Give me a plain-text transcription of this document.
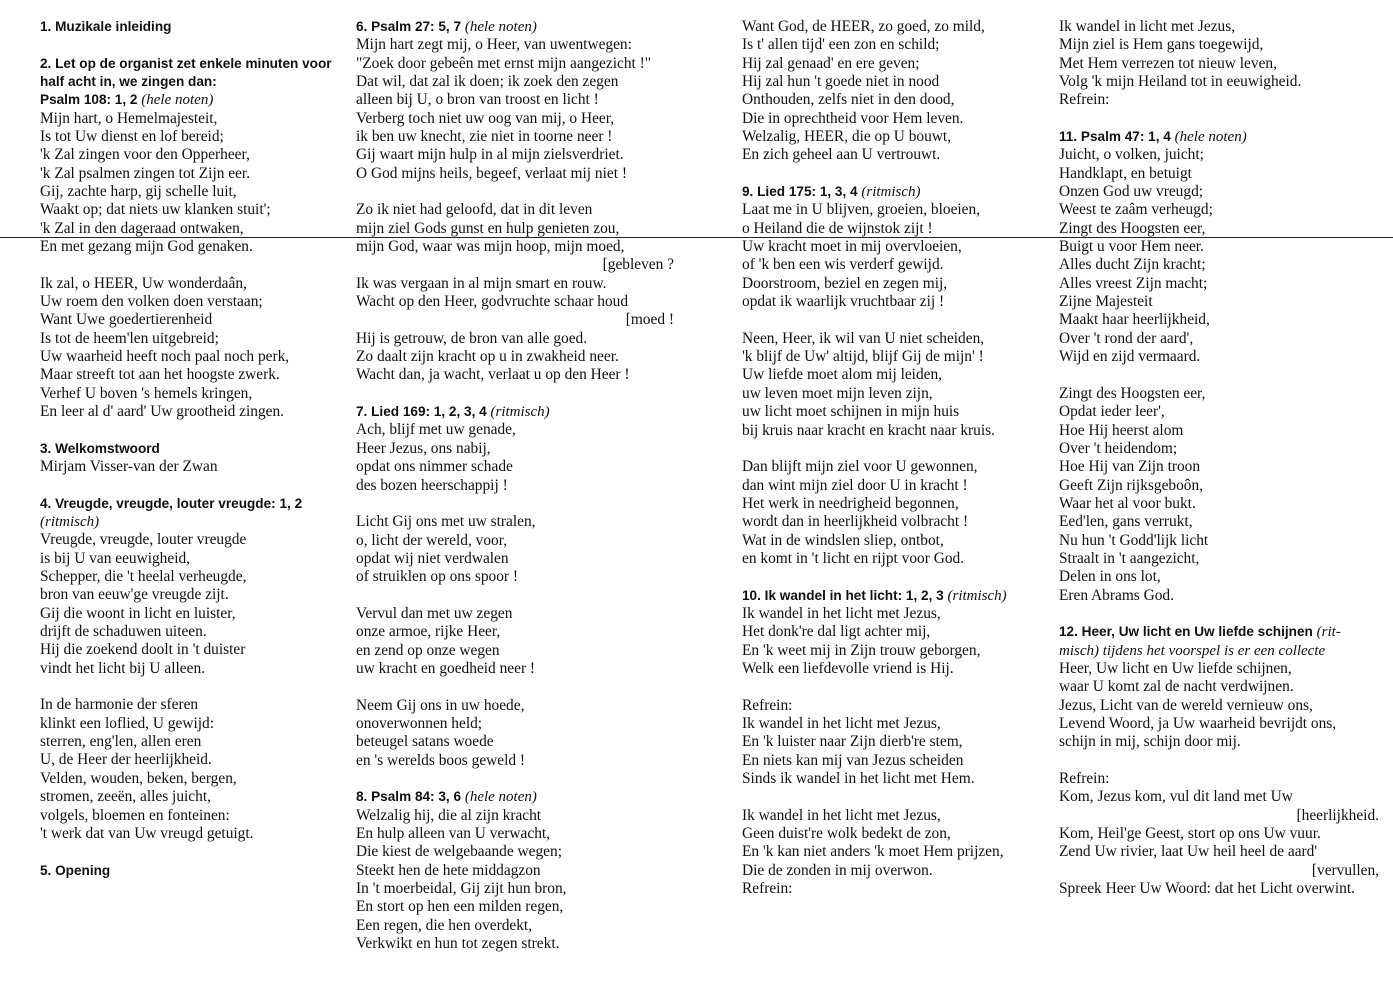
1. Muzikale inleiding
2. Let op de organist zet enkele minuten voor
half acht in, we zingen dan:
Psalm 108: 1, 2 (hele noten)
Mijn hart, o Hemelmajesteit,
Is tot Uw dienst en lof bereid;
'k Zal zingen voor den Opperheer,
'k Zal psalmen zingen tot Zijn eer.
Gij, zachte harp, gij schelle luit,
Waakt op; dat niets uw klanken stuit';
'k Zal in den dageraad ontwaken,
En met gezang mijn God genaken.
Ik zal, o HEER, Uw wonderdaân,
Uw roem den volken doen verstaan;
Want Uwe goedertierenheid
Is tot de heem'len uitgebreid;
Uw waarheid heeft noch paal noch perk,
Maar streeft tot aan het hoogste zwerk.
Verhef U boven 's hemels kringen,
En leer al d' aard' Uw grootheid zingen.
3. Welkomstwoord
Mirjam Visser-van der Zwan
4. Vreugde, vreugde, louter vreugde: 1, 2
(ritmisch)
Vreugde, vreugde, louter vreugde
is bij U van eeuwigheid,
Schepper, die 't heelal verheugde,
bron van eeuw'ge vreugde zijt.
Gij die woont in licht en luister,
drijft de schaduwen uiteen.
Hij die zoekend doolt in 't duister
vindt het licht bij U alleen.
In de harmonie der sferen
klinkt een loflied, U gewijd:
sterren, eng'len, allen eren
U, de Heer der heerlijkheid.
Velden, wouden, beken, bergen,
stromen, zeeën, alles juicht,
volgels, bloemen en fonteinen:
't werk dat van Uw vreugd getuigt.
5. Opening
6. Psalm 27: 5, 7 (hele noten)
Mijn hart zegt mij, o Heer, van uwentwegen:
"Zoek door gebeên met ernst mijn aangezicht !"
Dat wil, dat zal ik doen; ik zoek den zegen
alleen bij U, o bron van troost en licht !
Verberg toch niet uw oog van mij, o Heer,
ik ben uw knecht, zie niet in toorne neer !
Gij waart mijn hulp in al mijn zielsverdriet.
O God mijns heils, begeef, verlaat mij niet !
Zo ik niet had geloofd, dat in dit leven
mijn ziel Gods gunst en hulp genieten zou,
mijn God, waar was mijn hoop, mijn moed,
[gebleven ?
Ik was vergaan in al mijn smart en rouw.
Wacht op den Heer, godvruchte schaar houd
[moed !
Hij is getrouw, de bron van alle goed.
Zo daalt zijn kracht op u in zwakheid neer.
Wacht dan, ja wacht, verlaat u op den Heer !
7. Lied 169: 1, 2, 3, 4 (ritmisch)
Ach, blijf met uw genade,
Heer Jezus, ons nabij,
opdat ons nimmer schade
des bozen heerschappij !
Licht Gij ons met uw stralen,
o, licht der wereld, voor,
opdat wij niet verdwalen
of struiklen op ons spoor !
Vervul dan met uw zegen
onze armoe, rijke Heer,
en zend op onze wegen
uw kracht en goedheid neer !
Neem Gij ons in uw hoede,
onoverwonnen held;
beteugel satans woede
en 's werelds boos geweld !
8. Psalm 84: 3, 6 (hele noten)
Welzalig hij, die al zijn kracht
En hulp alleen van U verwacht,
Die kiest de welgebaande wegen;
Steekt hen de hete middagzon
In 't moerbeidal, Gij zijt hun bron,
En stort op hen een milden regen,
Een regen, die hen overdekt,
Verkwikt en hun tot zegen strekt.
Want God, de HEER, zo goed, zo mild,
Is t' allen tijd' een zon en schild;
Hij zal genaad' en ere geven;
Hij zal hun 't goede niet in nood
Onthouden, zelfs niet in den dood,
Die in oprechtheid voor Hem leven.
Welzalig, HEER, die op U bouwt,
En zich geheel aan U vertrouwt.
9. Lied 175: 1, 3, 4 (ritmisch)
Laat me in U blijven, groeien, bloeien,
o Heiland die de wijnstok zijt !
Uw kracht moet in mij overvloeien,
of 'k ben een wis verderf gewijd.
Doorstroom, beziel en zegen mij,
opdat ik waarlijk vruchtbaar zij !
Neen, Heer, ik wil van U niet scheiden,
'k blijf de Uw' altijd, blijf Gij de mijn' !
Uw liefde moet alom mij leiden,
uw leven moet mijn leven zijn,
uw licht moet schijnen in mijn huis
bij kruis naar kracht en kracht naar kruis.
Dan blijft mijn ziel voor U gewonnen,
dan wint mijn ziel door U in kracht !
Het werk in needrigheid begonnen,
wordt dan in heerlijkheid volbracht !
Wat in de windslen sliep, ontbot,
en komt in 't licht en rijpt voor God.
10. Ik wandel in het licht: 1, 2, 3 (ritmisch)
Ik wandel in het licht met Jezus,
Het donk're dal ligt achter mij,
En 'k weet mij in Zijn trouw geborgen,
Welk een liefdevolle vriend is Hij.
Refrein:
Ik wandel in het licht met Jezus,
En 'k luister naar Zijn dierb're stem,
En niets kan mij van Jezus scheiden
Sinds ik wandel in het licht met Hem.
Ik wandel in het licht met Jezus,
Geen duist're wolk bedekt de zon,
En 'k kan niet anders 'k moet Hem prijzen,
Die de zonden in mij overwon.
Refrein:
Ik wandel in licht met Jezus,
Mijn ziel is Hem gans toegewijd,
Met Hem verrezen tot nieuw leven,
Volg 'k mijn Heiland tot in eeuwigheid.
Refrein:
11. Psalm 47: 1, 4 (hele noten)
Juicht, o volken, juicht;
Handklapt, en betuigt
Onzen God uw vreugd;
Weest te zaâm verheugd;
Zingt des Hoogsten eer,
Buigt u voor Hem neer.
Alles ducht Zijn kracht;
Alles vreest Zijn macht;
Zijne Majesteit
Maakt haar heerlijkheid,
Over 't rond der aard',
Wijd en zijd vermaard.
Zingt des Hoogsten eer,
Opdat ieder leer',
Hoe Hij heerst alom
Over 't heidendom;
Hoe Hij van Zijn troon
Geeft Zijn rijksgeboôn,
Waar het al voor bukt.
Eed'len, gans verrukt,
Nu hun 't Godd'lijk licht
Straalt in 't aangezicht,
Delen in ons lot,
Eren Abrams God.
12. Heer, Uw licht en Uw liefde schijnen (rit-
misch) tijdens het voorspel is er een collecte
Heer, Uw licht en Uw liefde schijnen,
waar U komt zal de nacht verdwijnen.
Jezus, Licht van de wereld vernieuw ons,
Levend Woord, ja Uw waarheid bevrijdt ons,
schijn in mij, schijn door mij.
Refrein:
Kom, Jezus kom, vul dit land met Uw
[heerlijkheid.
Kom, Heil'ge Geest, stort op ons Uw vuur.
Zend Uw rivier, laat Uw heil heel de aard'
[vervullen,
Spreek Heer Uw Woord: dat het Licht overwint.
